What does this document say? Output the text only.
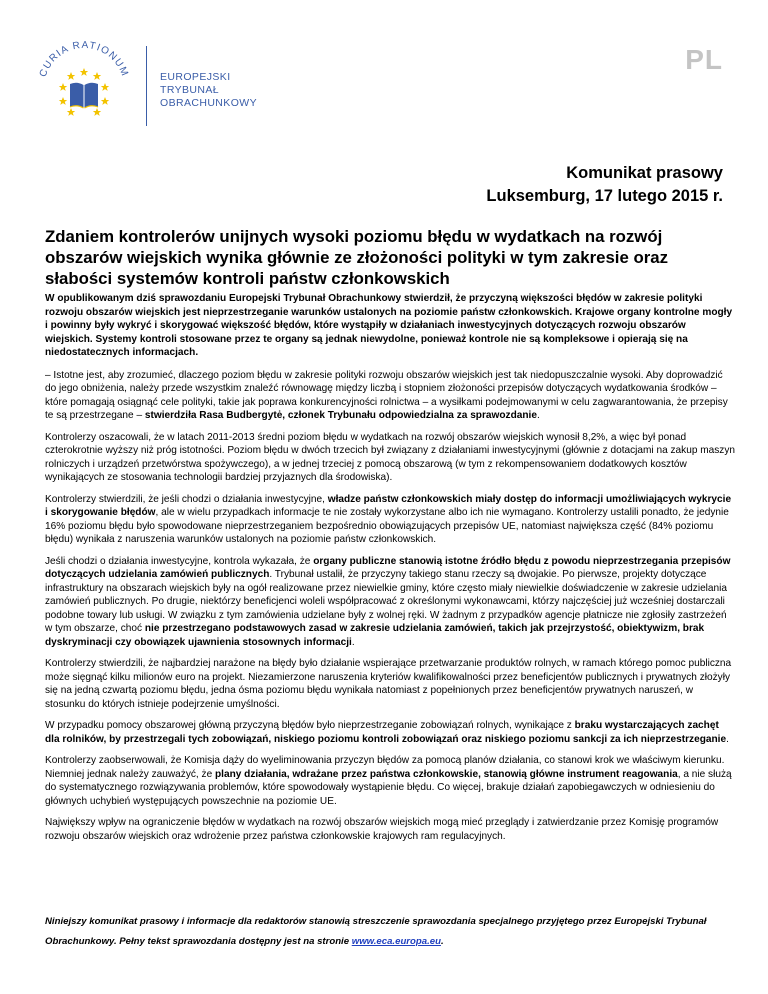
CURIA RATIONUM	EUROPEJSKI
TRYBUNAŁ
OBRACHUNKOWY
PL
Komunikat prasowy
Luksemburg, 17 lutego 2015 r.
Zdaniem kontrolerów unijnych wysoki poziomu błędu w wydatkach na rozwój obszarów wiejskich wynika głównie ze złożoności polityki w tym zakresie oraz słabości systemów kontroli państw członkowskich

W opublikowanym dziś sprawozdaniu Europejski Trybunał Obrachunkowy stwierdził, że przyczyną większości błędów w zakresie polityki rozwoju obszarów wiejskich jest nieprzestrzeganie warunków ustalonych na poziomie państw członkowskich. Krajowe organy kontrolne mogły i powinny były wykryć i skorygować większość błędów, które wystąpiły w działaniach inwestycyjnych dotyczących rozwoju obszarów wiejskich. Systemy kontroli stosowane przez te organy są jednak niewydolne, ponieważ kontrole nie są kompleksowe i opierają się na niedostatecznych informacjach.

– Istotne jest, aby zrozumieć, dlaczego poziom błędu w zakresie polityki rozwoju obszarów wiejskich jest tak niedopuszczalnie wysoki. Aby doprowadzić do jego obniżenia, należy przede wszystkim znaleźć równowagę między liczbą i stopniem złożoności przepisów dotyczących wydatkowania środków – które pomagają osiągnąć cele polityki, takie jak poprawa konkurencyjności rolnictwa – a wysiłkami podejmowanymi w celu zagwarantowania, że przepisy te są przestrzegane – stwierdziła Rasa Budbergytė, członek Trybunału odpowiedzialna za sprawozdanie.

Kontrolerzy oszacowali, że w latach 2011-2013 średni poziom błędu w wydatkach na rozwój obszarów wiejskich wynosił 8,2%, a więc był ponad czterokrotnie wyższy niż próg istotności. Poziom błędu w dwóch trzecich był związany z działaniami inwestycyjnymi (głównie z dotacjami na zakup maszyn rolniczych i urządzeń przetwórstwa spożywczego), a w jednej trzeciej z pomocą obszarową (w tym z rekompensowaniem dodatkowych kosztów wynikających ze stosowania technologii bardziej przyjaznych dla środowiska).

Kontrolerzy stwierdzili, że jeśli chodzi o działania inwestycyjne, władze państw członkowskich miały dostęp do informacji umożliwiających wykrycie i skorygowanie błędów, ale w wielu przypadkach informacje te nie zostały wykorzystane albo ich nie wymagano. Kontrolerzy ustalili ponadto, że jedynie 16% poziomu błędu było spowodowane nieprzestrzeganiem bezpośrednio obowiązujących przepisów UE, natomiast największa część (84% poziomu błędu) wynikała z naruszenia warunków ustalonych na poziomie państw członkowskich.

Jeśli chodzi o działania inwestycyjne, kontrola wykazała, że organy publiczne stanowią istotne źródło błędu z powodu nieprzestrzegania przepisów dotyczących udzielania zamówień publicznych. Trybunał ustalił, że przyczyny takiego stanu rzeczy są dwojakie. Po pierwsze, projekty dotyczące infrastruktury na obszarach wiejskich były na ogół realizowane przez niewielkie gminy, które często miały niewielkie doświadczenie w zakresie udzielania zamówień publicznych. Po drugie, niektórzy beneficjenci woleli współpracować z określonymi wykonawcami, którzy najczęściej już wcześniej dostarczali podobne towary lub usługi. W związku z tym zamówienia udzielane były z wolnej ręki. W żadnym z przypadków agencje płatnicze nie zgłosiły zastrzeżeń w tym obszarze, choć nie przestrzegano podstawowych zasad w zakresie udzielania zamówień, takich jak przejrzystość, obiektywizm, brak dyskryminacji czy obowiązek ujawnienia stosownych informacji.

Kontrolerzy stwierdzili, że najbardziej narażone na błędy było działanie wspierające przetwarzanie produktów rolnych, w ramach którego pomoc publiczna może sięgnąć kilku milionów euro na projekt. Niezamierzone naruszenia kryteriów kwalifikowalności przez beneficjentów publicznych i prywatnych złożyły się na jedną czwartą poziomu błędu, jedna ósma poziomu błędu wynikała natomiast z popełnionych przez beneficjentów prywatnych naruszeń, w stosunku do których istnieje podejrzenie umyślności.

W przypadku pomocy obszarowej główną przyczyną błędów było nieprzestrzeganie zobowiązań rolnych, wynikające z braku wystarczających zachęt dla rolników, by przestrzegali tych zobowiązań, niskiego poziomu kontroli zobowiązań oraz niskiego poziomu sankcji za ich nieprzestrzeganie.

Kontrolerzy zaobserwowali, że Komisja dąży do wyeliminowania przyczyn błędów za pomocą planów działania, co stanowi krok we właściwym kierunku. Niemniej jednak należy zauważyć, że plany działania, wdrażane przez państwa członkowskie, stanowią główne instrument reagowania, a nie służą do systematycznego rozwiązywania problemów, które spowodowały wystąpienie błędu. Co więcej, brakuje działań zapobiegawczych w odniesieniu do głównych uchybień występujących powszechnie na poziomie UE.

Największy wpływ na ograniczenie błędów w wydatkach na rozwój obszarów wiejskich mogą mieć przeglądy i zatwierdzanie przez Komisję programów rozwoju obszarów wiejskich oraz wdrożenie przez państwa członkowskie krajowych ram regulacyjnych.

Niniejszy komunikat prasowy i informacje dla redaktorów stanowią streszczenie sprawozdania specjalnego przyjętego przez Europejski Trybunał Obrachunkowy. Pełny tekst sprawozdania dostępny jest na stronie www.eca.europa.eu.
